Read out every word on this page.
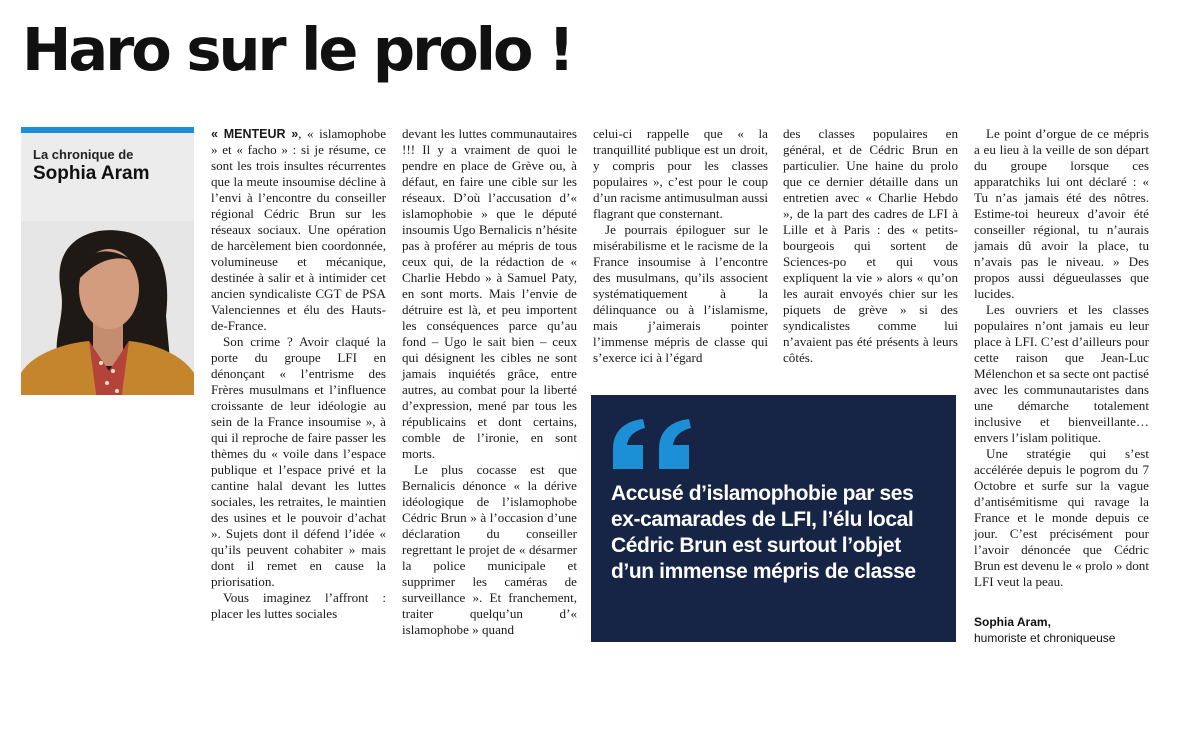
Haro sur le prolo !
La chronique de
Sophia Aram

« MENTEUR », « islamophobe » et « facho » : si je résume, ce sont les trois insultes récurrentes que la meute insoumise décline à l’envi à l’encontre du conseiller régional Cédric Brun sur les réseaux sociaux. Une opération de harcèlement bien coordonnée, volumineuse et mécanique, destinée à salir et à intimider cet ancien syndicaliste CGT de PSA Valenciennes et élu des Hauts-de-France.

Son crime ? Avoir claqué la porte du groupe LFI en dénonçant « l’entrisme des Frères musulmans et l’influence croissante de leur idéologie au sein de la France insoumise », à qui il reproche de faire passer les thèmes du « voile dans l’espace publique et l’espace privé et la cantine halal devant les luttes sociales, les retraites, le maintien des usines et le pouvoir d’achat ». Sujets dont il défend l’idée « qu’ils peuvent cohabiter » mais dont il remet en cause la priorisation.

Vous imaginez l’affront : placer les luttes sociales

devant les luttes communautaires !!! Il y a vraiment de quoi le pendre en place de Grève ou, à défaut, en faire une cible sur les réseaux. D’où l’accusation d’« islamophobie » que le député insoumis Ugo Bernalicis n’hésite pas à proférer au mépris de tous ceux qui, de la rédaction de « Charlie Hebdo » à Samuel Paty, en sont morts. Mais l’envie de détruire est là, et peu importent les conséquences parce qu’au fond – Ugo le sait bien – ceux qui désignent les cibles ne sont jamais inquiétés grâce, entre autres, au combat pour la liberté d’expression, mené par tous les républicains et dont certains, comble de l’ironie, en sont morts.

Le plus cocasse est que Bernalicis dénonce « la dérive idéologique de l’islamophobe Cédric Brun » à l’occasion d’une déclaration du conseiller regrettant le projet de « désarmer la police municipale et supprimer les caméras de surveillance ». Et franchement, traiter quelqu’un d’« islamophobe » quand

celui-ci rappelle que « la tranquillité publique est un droit, y compris pour les classes populaires », c’est pour le coup d’un racisme antimusulman aussi flagrant que consternant.

Je pourrais épiloguer sur le misérabilisme et le racisme de la France insoumise à l’encontre des musulmans, qu’ils associent systématiquement à la délinquance ou à l’islamisme, mais j’aimerais pointer l’immense mépris de classe qui s’exerce ici à l’égard

des classes populaires en général, et de Cédric Brun en particulier. Une haine du prolo que ce dernier détaille dans un entretien avec « Charlie Hebdo », de la part des cadres de LFI à Lille et à Paris : des « petits-bourgeois qui sortent de Sciences-po et qui vous expliquent la vie » alors « qu’on les aurait envoyés chier sur les piquets de grève » si des syndicalistes comme lui n’avaient pas été présents à leurs côtés.

Le point d’orgue de ce mépris a eu lieu à la veille de son départ du groupe lorsque ces apparatchiks lui ont déclaré : « Tu n’as jamais été des nôtres. Estime-toi heureux d’avoir été conseiller régional, tu n’aurais jamais dû avoir la place, tu n’avais pas le niveau. » Des propos aussi dégueulasses que lucides.

Les ouvriers et les classes populaires n’ont jamais eu leur place à LFI. C’est d’ailleurs pour cette raison que Jean-Luc Mélenchon et sa secte ont pactisé avec les communautaristes dans une démarche totalement inclusive et bienveillante… envers l’islam politique.

Une stratégie qui s’est accélérée depuis le pogrom du 7 Octobre et surfe sur la vague d’antisémitisme qui ravage la France et le monde depuis ce jour. C’est précisément pour l’avoir dénoncée que Cédric Brun est devenu le « prolo » dont LFI veut la peau.

Accusé d’islamophobie par ses ex-camarades de LFI, l’élu local Cédric Brun est surtout l’objet d’un immense mépris de classe

Sophia Aram,
humoriste et chroniqueuse
